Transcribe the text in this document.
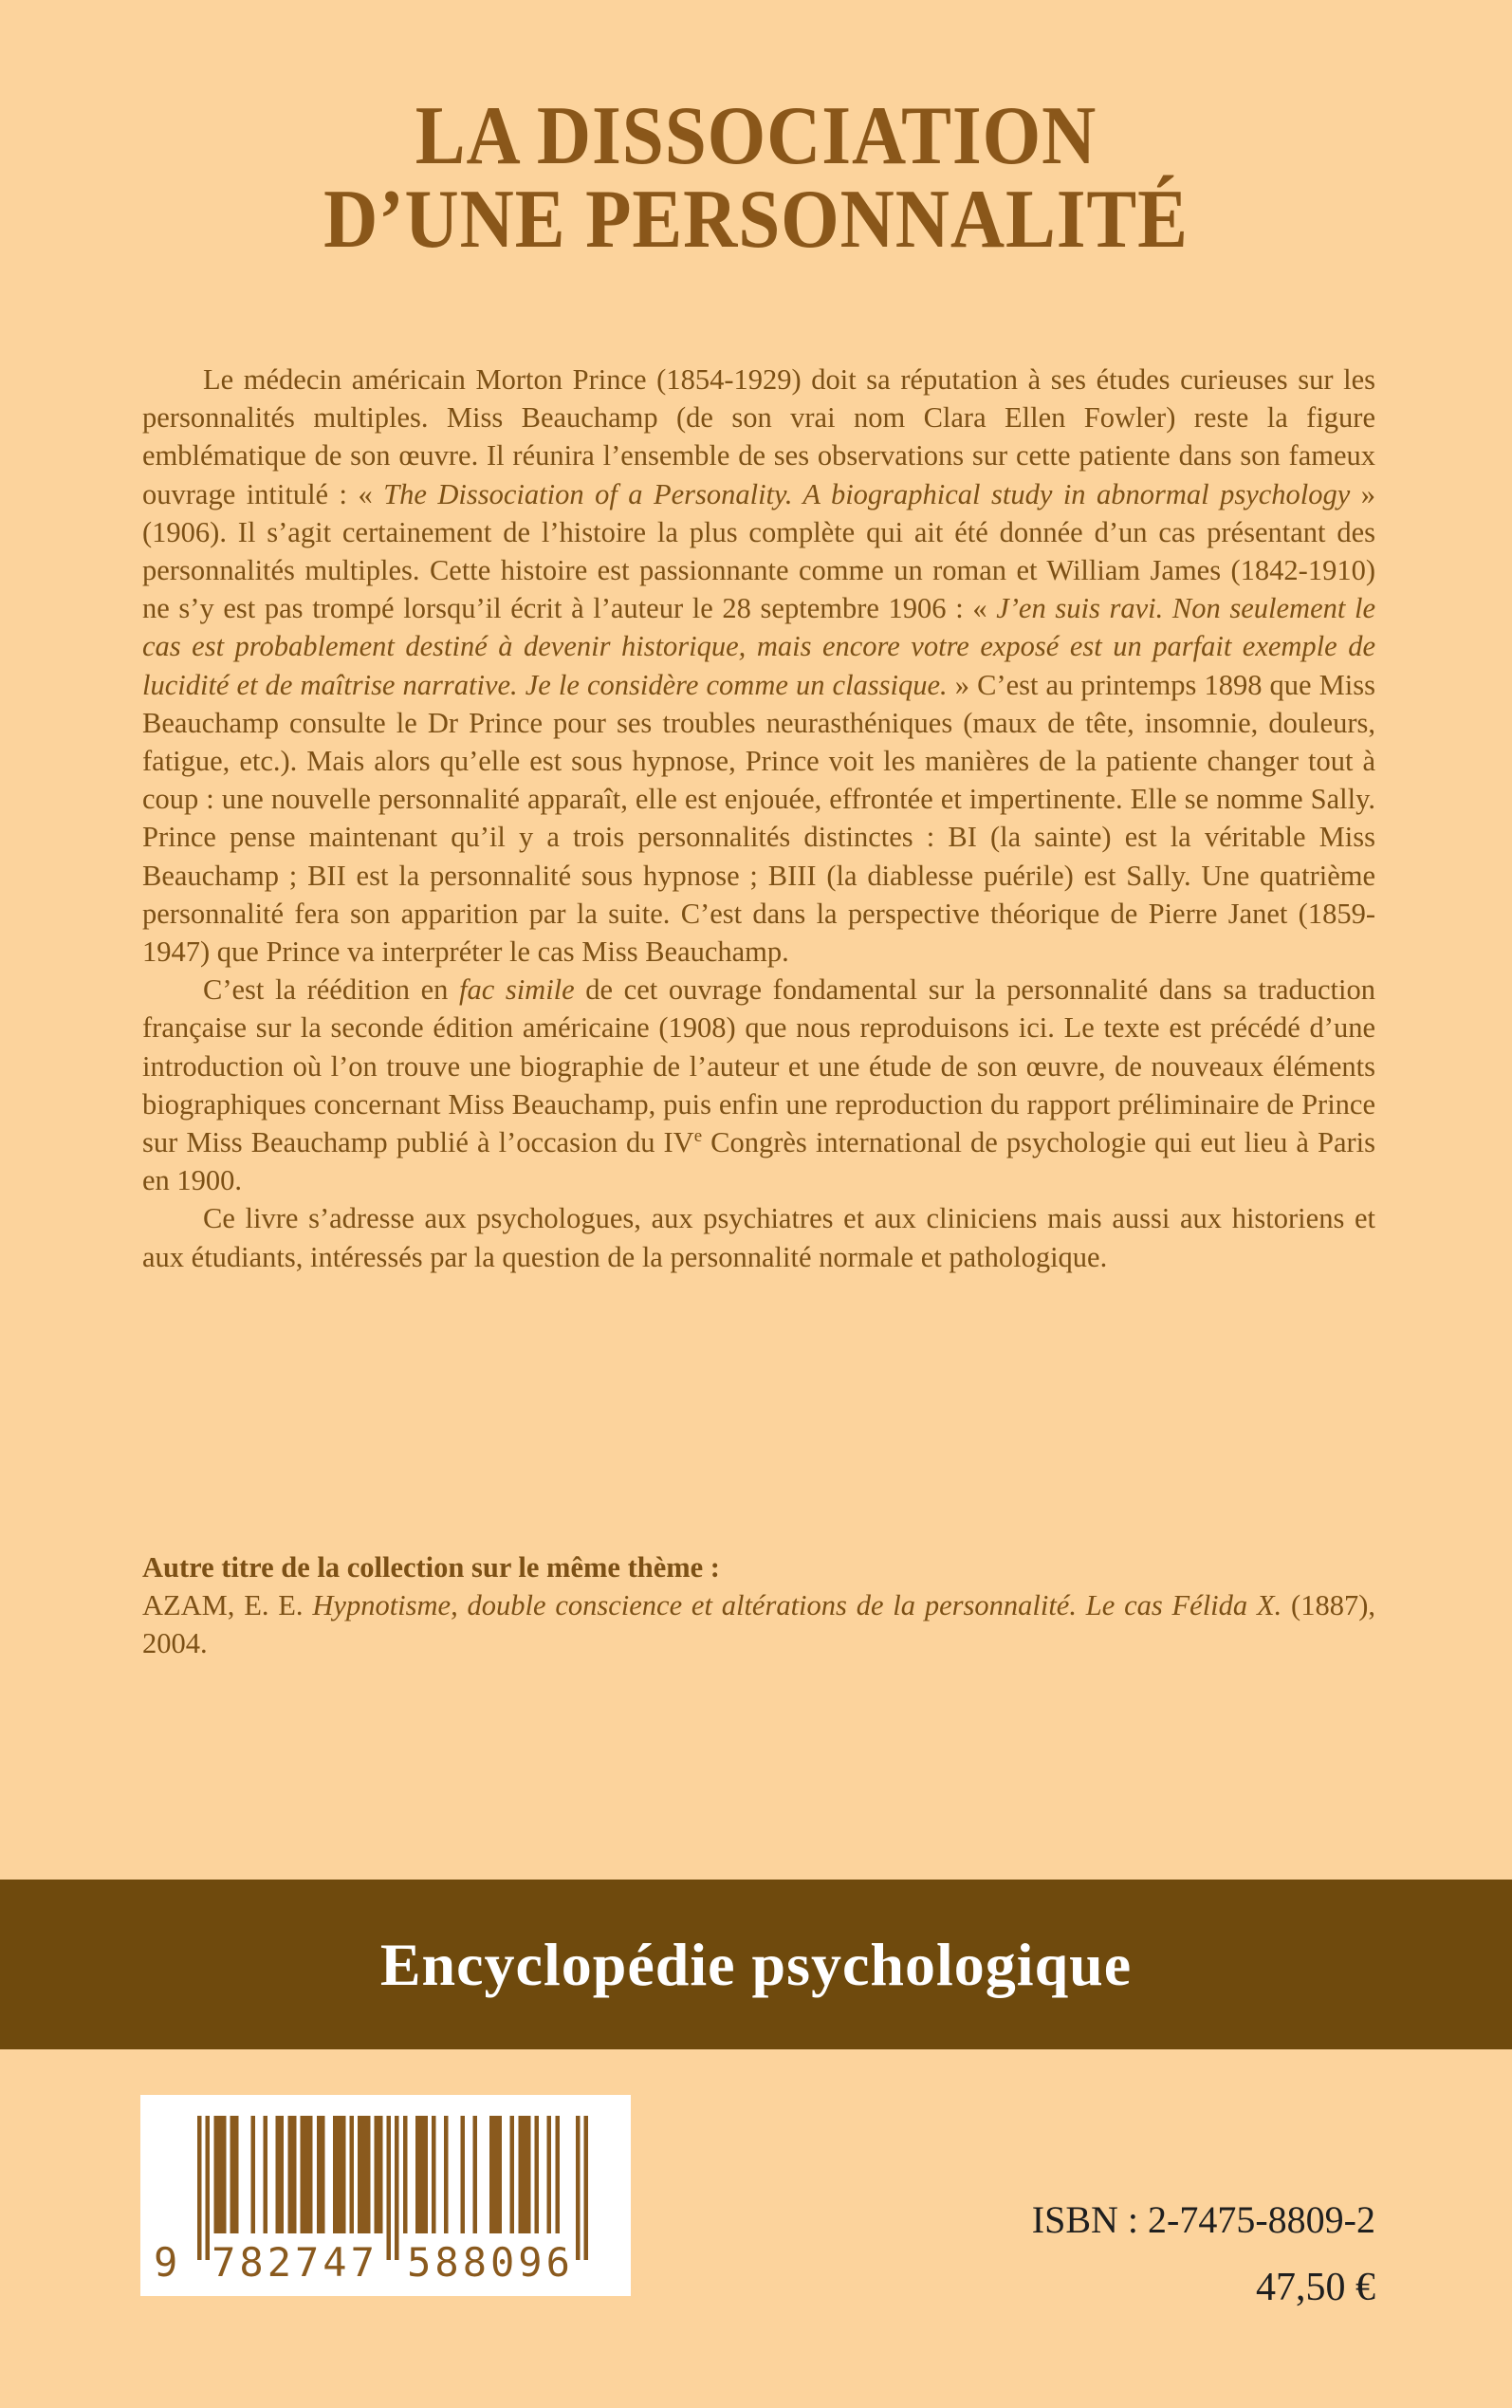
LA DISSOCIATION
D’UNE PERSONNALITÉ

Le médecin américain Morton Prince (1854-1929) doit sa réputation à ses études curieuses sur les personnalités multiples. Miss Beauchamp (de son vrai nom Clara Ellen Fowler) reste la figure emblématique de son œuvre. Il réunira l’ensemble de ses observations sur cette patiente dans son fameux ouvrage intitulé : « The Dissociation of a Personality. A biographical study in abnormal psychology » (1906). Il s’agit certainement de l’histoire la plus complète qui ait été donnée d’un cas présentant des personnalités multiples. Cette histoire est passionnante comme un roman et William James (1842-1910) ne s’y est pas trompé lorsqu’il écrit à l’auteur le 28 septembre 1906 : « J’en suis ravi. Non seulement le cas est probablement destiné à devenir historique, mais encore votre exposé est un parfait exemple de lucidité et de maîtrise narrative. Je le considère comme un classique. » C’est au printemps 1898 que Miss Beauchamp consulte le Dr Prince pour ses troubles neurasthéniques (maux de tête, insomnie, douleurs, fatigue, etc.). Mais alors qu’elle est sous hypnose, Prince voit les manières de la patiente changer tout à coup : une nouvelle personnalité apparaît, elle est enjouée, effrontée et impertinente. Elle se nomme Sally. Prince pense maintenant qu’il y a trois personnalités distinctes : BI (la sainte) est la véritable Miss Beauchamp ; BII est la personnalité sous hypnose ; BIII (la diablesse puérile) est Sally. Une quatrième personnalité fera son apparition par la suite. C’est dans la perspective théorique de Pierre Janet (1859-1947) que Prince va interpréter le cas Miss Beauchamp.

C’est la réédition en fac simile de cet ouvrage fondamental sur la personnalité dans sa traduction française sur la seconde édition américaine (1908) que nous reproduisons ici. Le texte est précédé d’une introduction où l’on trouve une biographie de l’auteur et une étude de son œuvre, de nouveaux éléments biographiques concernant Miss Beauchamp, puis enfin une reproduction du rapport préliminaire de Prince sur Miss Beauchamp publié à l’occasion du IVe Congrès international de psychologie qui eut lieu à Paris en 1900.

Ce livre s’adresse aux psychologues, aux psychiatres et aux cliniciens mais aussi aux historiens et aux étudiants, intéressés par la question de la personnalité normale et pathologique.

Autre titre de la collection sur le même thème :

AZAM, E. E. Hypnotisme, double conscience et altérations de la personnalité. Le cas Félida X. (1887), 2004.

Encyclopédie psychologique
9 782747 588096
ISBN : 2-7475-8809-2
47,50 €
